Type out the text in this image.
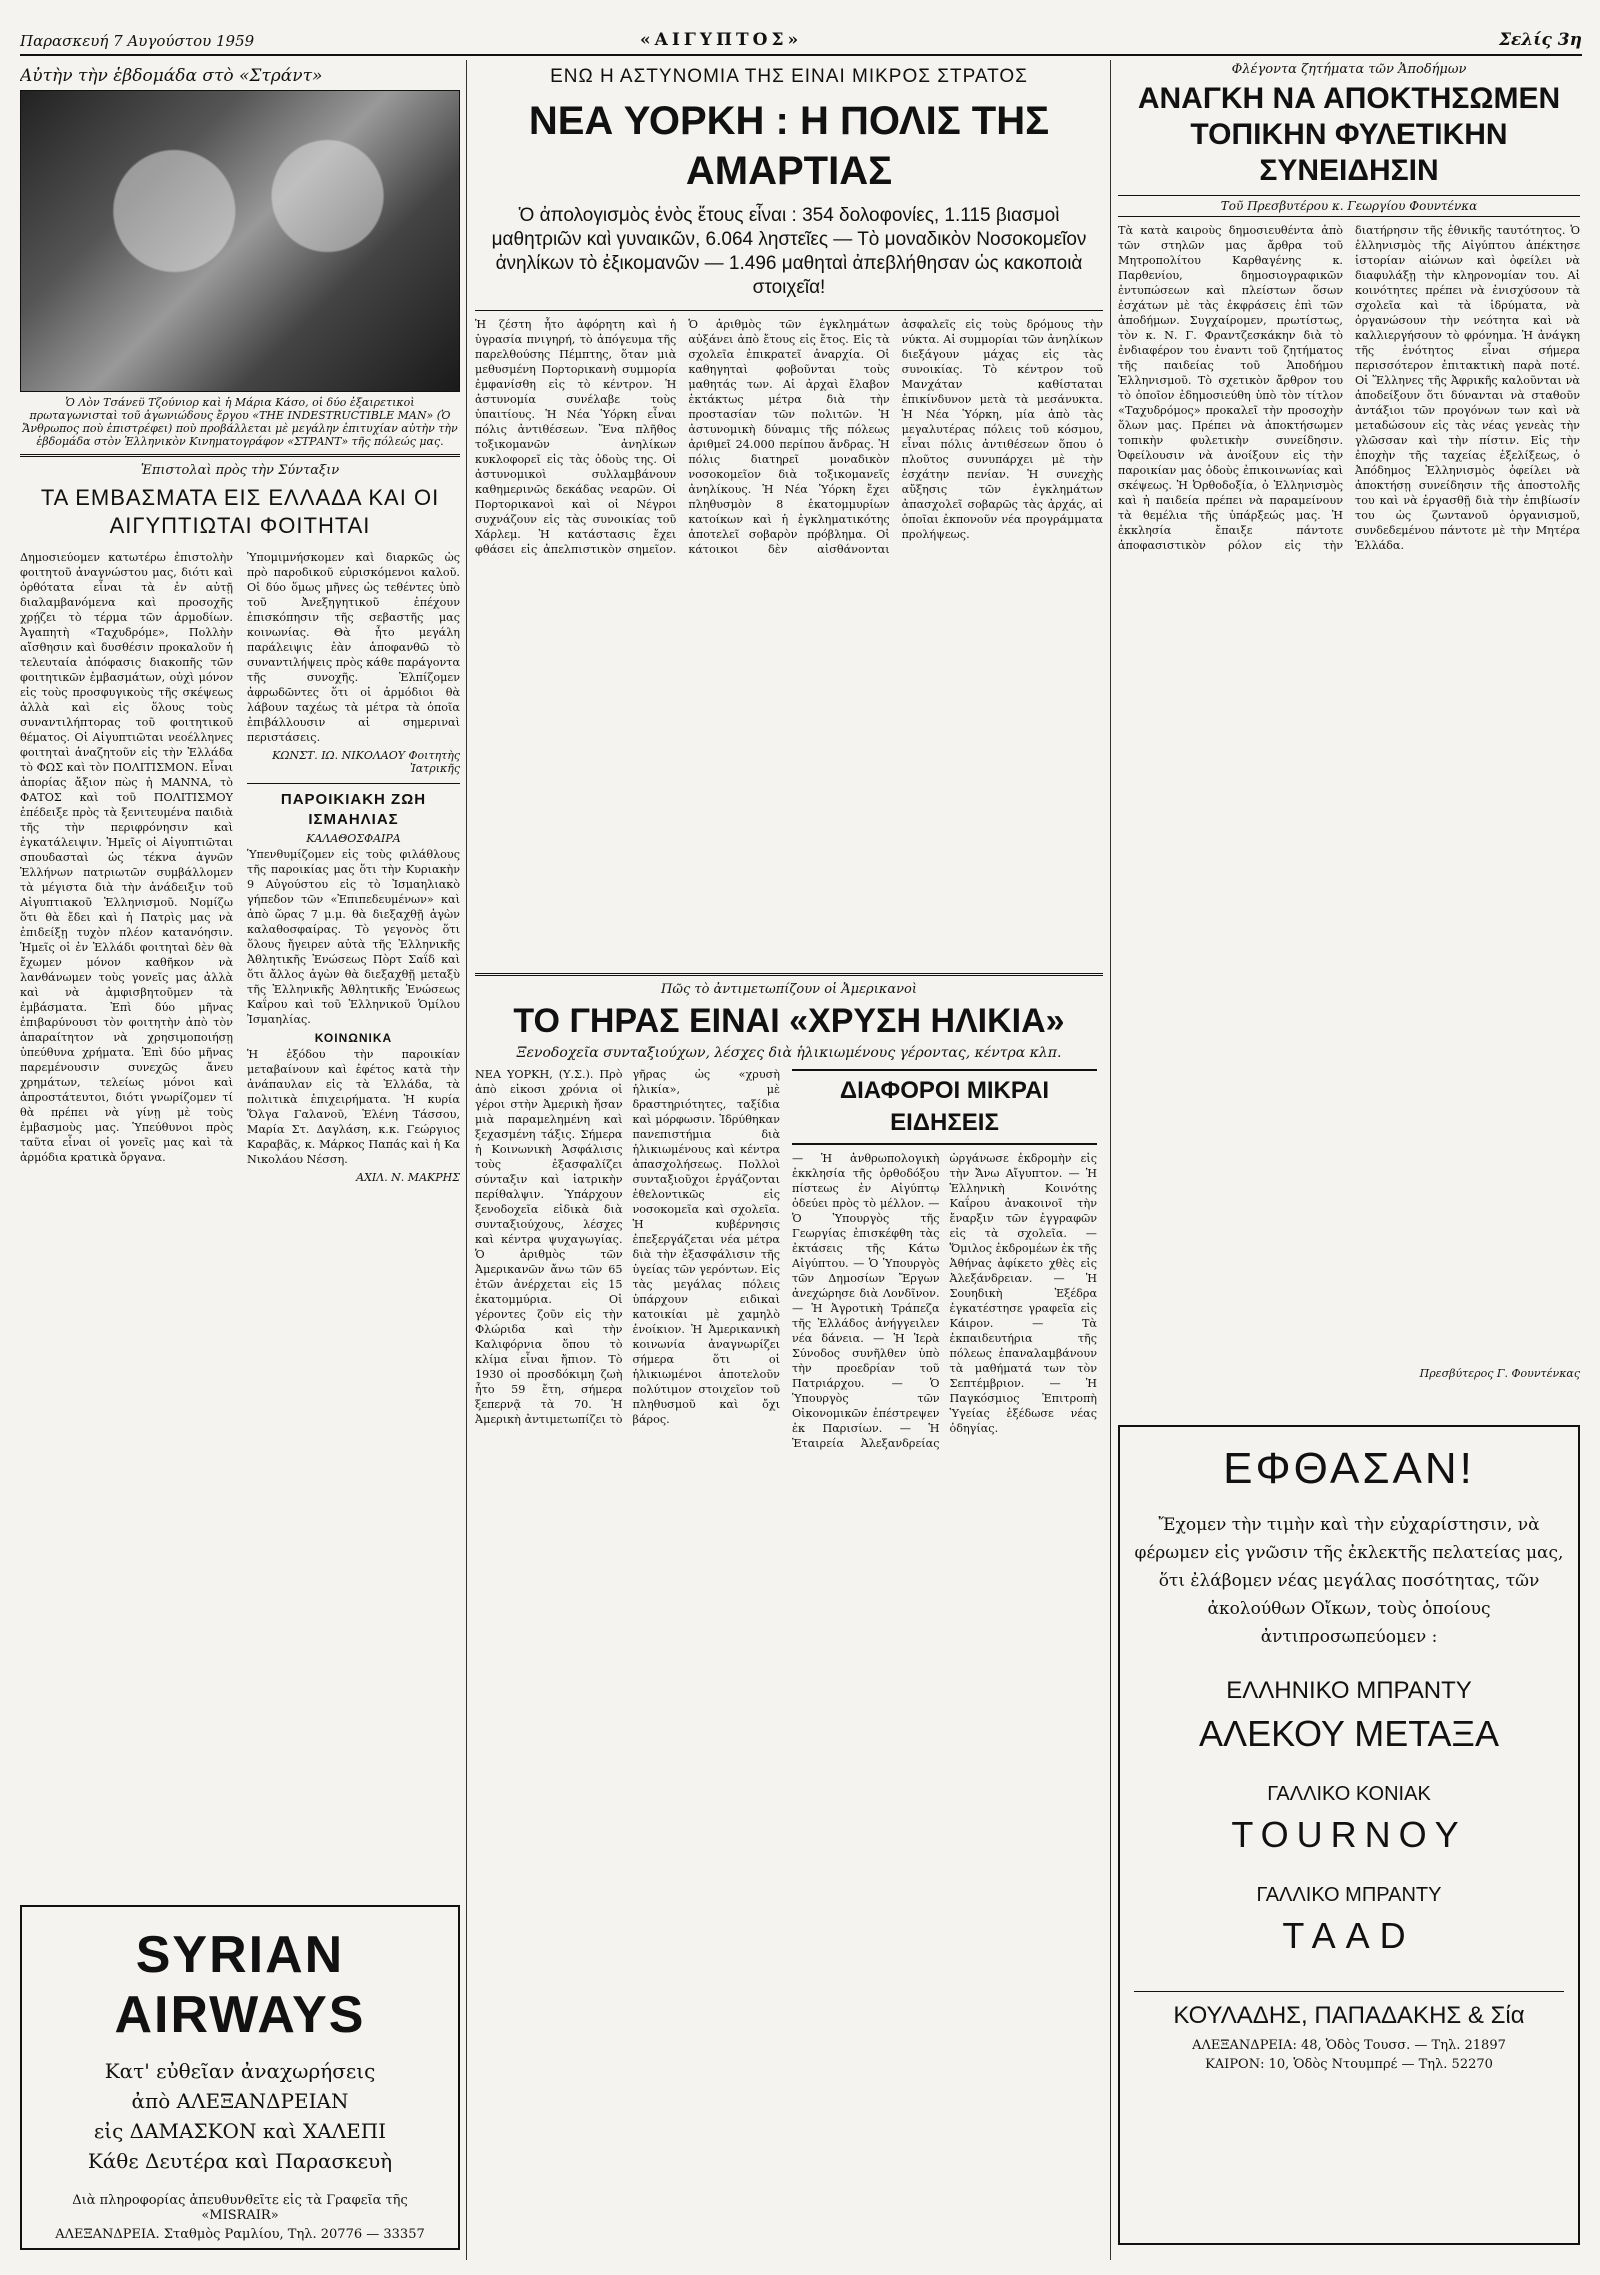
Παρασκευή 7 Αυγούστου 1959	«ΑΙΓΥΠΤΟΣ»	Σελίς 3η
Αὐτὴν τὴν ἑβδομάδα στὸ «Στράντ»
Ὁ Λὸν Τσάνεϋ Τζούνιορ καὶ ἡ Μάρια Κάσο, οἱ δύο ἐξαιρετικοὶ πρωταγωνισταὶ τοῦ ἀγωνιώδους ἔργου «ΤΗΕ INDESTRUCTIBLE MAN» (Ὁ Ἄνθρωπος ποὺ ἐπιστρέφει) ποὺ προβάλλεται μὲ μεγάλην ἐπιτυχίαν αὐτὴν τὴν ἑβδομάδα στὸν Ἑλληνικὸν Κινηματογράφον «ΣΤΡΑΝΤ» τῆς πόλεώς μας.
Ἐπιστολαὶ πρὸς τὴν Σύνταξιν
ΤΑ ΕΜΒΑΣΜΑΤΑ ΕΙΣ ΕΛΛΑΔΑ ΚΑΙ ΟΙ ΑΙΓΥΠΤΙΩΤΑΙ ΦΟΙΤΗΤΑΙ

Δημοσιεύομεν κατωτέρω ἐπιστολὴν φοιτητοῦ ἀναγνώστου μας, διότι καὶ ὀρθότατα εἶναι τὰ ἐν αὐτῇ διαλαμβανόμενα καὶ προσοχῆς χρῄζει τὸ τέρμα τῶν ἁρμοδίων. Ἀγαπητὴ «Ταχυδρόμε», Πολλὴν αἴσθησιν καὶ δυσθέσιν προκαλοῦν ἡ τελευταία ἀπόφασις διακοπῆς τῶν φοιτητικῶν ἐμβασμάτων, οὐχὶ μόνον εἰς τοὺς προσφυγικοὺς τῆς σκέψεως ἀλλὰ καὶ εἰς ὅλους τοὺς συναντιλήπτορας τοῦ φοιτητικοῦ θέματος. Οἱ Αἰγυπτιῶται νεοέλληνες φοιτηταὶ ἀναζητοῦν εἰς τὴν Ἑλλάδα τὸ ΦΩΣ καὶ τὸν ΠΟΛΙΤΙΣΜΟΝ. Εἶναι ἀπορίας ἄξιον πὼς ἡ ΜΑΝΝΑ, τὸ ΦΑΤΟΣ καὶ τοῦ ΠΟΛΙΤΙΣΜΟΥ ἐπέδειξε πρὸς τὰ ξενιτευμένα παιδιὰ τῆς τὴν περιφρόνησιν καὶ ἐγκατάλειψιν. Ἡμεῖς οἱ Αἰγυπτιῶται σπουδασταὶ ὡς τέκνα ἀγνῶν Ἑλλήνων πατριωτῶν συμβάλλομεν τὰ μέγιστα διὰ τὴν ἀνάδειξιν τοῦ Αἰγυπτιακοῦ Ἑλληνισμοῦ. Νομίζω ὅτι θὰ ἔδει καὶ ἡ Πατρὶς μας νὰ ἐπιδείξῃ τυχὸν πλέον κατανόησιν. Ἡμεῖς οἱ ἐν Ἑλλάδι φοιτηταὶ δὲν θὰ ἔχωμεν μόνον καθῆκον νὰ λανθάνωμεν τοὺς γονεῖς μας ἀλλὰ καὶ νὰ ἀμφισβητοῦμεν τὰ ἐμβάσματα. Ἐπὶ δύο μῆνας ἐπιβαρύνουσι τὸν φοιτητὴν ἀπὸ τὸν ἀπαραίτητον νὰ χρησιμοποιήσῃ ὑπεύθυνα χρήματα. Ἐπὶ δύο μῆνας παρεμένουσιν συνεχῶς ἄνευ χρημάτων, τελείως μόνοι καὶ ἀπροστάτευτοι, διότι γνωρίζομεν τί θὰ πρέπει νὰ γίνῃ μὲ τοὺς ἐμβασμοὺς μας. Ὑπεύθυνοι πρὸς ταῦτα εἶναι οἱ γονεῖς μας καὶ τὰ ἀρμόδια κρατικὰ ὄργανα.

Ὑπομιμνήσκομεν καὶ διαρκῶς ὡς πρὸ παροδικοῦ εὐρισκόμενοι καλοῦ. Οἱ δύο ὅμως μῆνες ὡς τεθέντες ὑπὸ τοῦ Ἀνεξηγητικοῦ ἐπέχουν ἐπισκόπησιν τῆς σεβαστῆς μας κοινωνίας. Θὰ ἦτο μεγάλη παράλειψις ἐὰν ἀποφανθῶ τὸ συναντιλήψεις πρὸς κάθε παράγοντα τῆς συνοχῆς. Ἐλπίζομεν ἀφρωδῶντες ὅτι οἱ ἀρμόδιοι θὰ λάβουν ταχέως τὰ μέτρα τὰ ὁποῖα ἐπιβάλλουσιν αἱ σημεριναὶ περιστάσεις.

ΚΩΝΣΤ. ΙΩ. ΝΙΚΟΛΑΟΥ Φοιτητὴς Ἰατρικῆς
ΠΑΡΟΙΚΙΑΚΗ ΖΩΗ ΙΣΜΑΗΛΙΑΣ
ΚΑΛΑΘΟΣΦΑΙΡΑ

Ὑπενθυμίζομεν εἰς τοὺς φιλάθλους τῆς παροικίας μας ὅτι τὴν Κυριακὴν 9 Αὐγούστου εἰς τὸ Ἰσμαηλιακὸ γήπεδον τῶν «Ἐπιπεδευμένων» καὶ ἀπὸ ὥρας 7 μ.μ. θὰ διεξαχθῇ ἀγὼν καλαθοσφαίρας. Τὸ γεγονὸς ὅτι ὅλους ἤγειρεν αὐτὰ τῆς Ἑλληνικῆς Ἀθλητικῆς Ἐνώσεως Πὸρτ Σαΐδ καὶ ὅτι ἄλλος ἀγὼν θὰ διεξαχθῇ μεταξὺ τῆς Ἑλληνικῆς Ἀθλητικῆς Ἐνώσεως Καΐρου καὶ τοῦ Ἑλληνικοῦ Ὁμίλου Ἰσμαηλίας.

ΚΟΙΝΩΝΙΚΑ

Ἡ ἐξόδου τὴν παροικίαν μεταβαίνουν καὶ ἐφέτος κατὰ τὴν ἀνάπαυλαν εἰς τὰ Ἑλλάδα, τὰ πολιτικὰ ἐπιχειρήματα. Ἡ κυρία Ὅλγα Γαλανοῦ, Ἑλένη Τάσσου, Μαρία Στ. Δαγλάση, κ.κ. Γεώργιος Καραβᾶς, κ. Μάρκος Παπάς καὶ ἡ Κα Νικολάου Νέσση.

ΑΧΙΛ. Ν. ΜΑΚΡΗΣ
SYRIAN AIRWAYS
Κατ' εὐθεῖαν ἀναχωρήσεις
ἀπὸ ΑΛΕΞΑΝΔΡΕΙΑΝ
εἰς ΔΑΜΑΣΚΟΝ καὶ ΧΑΛΕΠΙ
Κάθε Δευτέρα καὶ Παρασκευὴ
Διὰ πληροφορίας ἀπευθυνθεῖτε εἰς τὰ Γραφεῖα τῆς «MISRAIR»
ΑΛΕΞΑΝΔΡΕΙΑ. Σταθμὸς Ραμλίου, Τηλ. 20776 — 33357
ΕΝΩ Η ΑΣΤΥΝΟΜΙΑ ΤΗΣ ΕΙΝΑΙ ΜΙΚΡΟΣ ΣΤΡΑΤΟΣ
ΝΕΑ ΥΟΡΚΗ : Η ΠΟΛΙΣ ΤΗΣ ΑΜΑΡΤΙΑΣ
Ὁ ἀπολογισμὸς ἑνὸς ἔτους εἶναι : 354 δολοφονίες, 1.115 βιασμοὶ μαθητριῶν καὶ γυναικῶν, 6.064 ληστεῖες — Τὸ μοναδικὸν Νοσοκομεῖον ἀνηλίκων τὸ ἐξικομανῶν — 1.496 μαθηταὶ ἀπεβλήθησαν ὡς κακοποιὰ στοιχεῖα!

Ἡ ζέστη ἦτο ἀφόρητη καὶ ἡ ὑγρασία πνιγηρή, τὸ ἀπόγευμα τῆς παρελθούσης Πέμπτης, ὅταν μιὰ μεθυσμένη Πορτορικανὴ συμμορία ἐμφανίσθη εἰς τὸ κέντρον. Ἡ ἀστυνομία συνέλαβε τοὺς ὑπαιτίους. Ἡ Νέα Ὑόρκη εἶναι πόλις ἀντιθέσεων. Ἕνα πλῆθος τοξικομανῶν ἀνηλίκων κυκλοφορεῖ εἰς τὰς ὁδοὺς της. Οἱ ἀστυνομικοὶ συλλαμβάνουν καθημερινῶς δεκάδας νεαρῶν. Οἱ Πορτορικανοὶ καὶ οἱ Νέγροι συχνάζουν εἰς τὰς συνοικίας τοῦ Χάρλεμ. Ἡ κατάστασις ἔχει φθάσει εἰς ἀπελπιστικὸν σημεῖον. Ὁ ἀριθμὸς τῶν ἐγκλημάτων αὐξάνει ἀπὸ ἔτους εἰς ἔτος. Εἰς τὰ σχολεῖα ἐπικρατεῖ ἀναρχία. Οἱ καθηγηταὶ φοβοῦνται τοὺς μαθητάς των. Αἱ ἀρχαὶ ἔλαβον ἐκτάκτως μέτρα διὰ τὴν προστασίαν τῶν πολιτῶν. Ἡ ἀστυνομικὴ δύναμις τῆς πόλεως ἀριθμεῖ 24.000 περίπου ἄνδρας. Ἡ πόλις διατηρεῖ μοναδικὸν νοσοκομεῖον διὰ τοξικομανεῖς ἀνηλίκους. Ἡ Νέα Ὑόρκη ἔχει πληθυσμὸν 8 ἑκατομμυρίων κατοίκων καὶ ἡ ἐγκληματικότης ἀποτελεῖ σοβαρὸν πρόβλημα. Οἱ κάτοικοι δὲν αἰσθάνονται ἀσφαλεῖς εἰς τοὺς δρόμους τὴν νύκτα. Αἱ συμμορίαι τῶν ἀνηλίκων διεξάγουν μάχας εἰς τὰς συνοικίας. Τὸ κέντρον τοῦ Μανχάταν καθίσταται ἐπικίνδυνον μετὰ τὰ μεσάνυκτα. Ἡ Νέα Ὑόρκη, μία ἀπὸ τὰς μεγαλυτέρας πόλεις τοῦ κόσμου, εἶναι πόλις ἀντιθέσεων ὅπου ὁ πλοῦτος συνυπάρχει μὲ τὴν ἐσχάτην πενίαν. Ἡ συνεχὴς αὔξησις τῶν ἐγκλημάτων ἀπασχολεῖ σοβαρῶς τὰς ἀρχάς, αἱ ὁποῖαι ἐκπονοῦν νέα προγράμματα προλήψεως.

Πῶς τὸ ἀντιμετωπίζουν οἱ Ἀμερικανοὶ
ΤΟ ΓΗΡΑΣ ΕΙΝΑΙ «ΧΡΥΣΗ ΗΛΙΚΙΑ»
Ξενοδοχεῖα συνταξιούχων, λέσχες διὰ ἡλικιωμένους γέροντας, κέντρα κλπ.

ΝΕΑ ΥΟΡΚΗ, (Υ.Σ.). Πρὸ ἀπὸ εἰκοσι χρόνια οἱ γέροι στὴν Ἀμερικὴ ἤσαν μιὰ παραμελημένη καὶ ξεχασμένη τάξις. Σήμερα ἡ Κοινωνικὴ Ἀσφάλισις τοὺς ἐξασφαλίζει σύνταξιν καὶ ἰατρικὴν περίθαλψιν. Ὑπάρχουν ξενοδοχεῖα εἰδικὰ διὰ συνταξιούχους, λέσχες καὶ κέντρα ψυχαγωγίας. Ὁ ἀριθμὸς τῶν Ἀμερικανῶν ἄνω τῶν 65 ἐτῶν ἀνέρχεται εἰς 15 ἑκατομμύρια. Οἱ γέροντες ζοῦν εἰς τὴν Φλώριδα καὶ τὴν Καλιφόρνια ὅπου τὸ κλίμα εἶναι ἤπιον. Τὸ 1930 οἱ προσδόκιμη ζωὴ ἦτο 59 ἔτη, σήμερα ξεπερνᾷ τὰ 70. Ἡ Ἀμερικὴ ἀντιμετωπίζει τὸ γῆρας ὡς «χρυσὴ ἡλικία», μὲ δραστηριότητες, ταξίδια καὶ μόρφωσιν. Ἱδρύθηκαν πανεπιστήμια διὰ ἡλικιωμένους καὶ κέντρα ἀπασχολήσεως. Πολλοὶ συνταξιοῦχοι ἐργάζονται ἐθελοντικῶς εἰς νοσοκομεῖα καὶ σχολεῖα. Ἡ κυβέρνησις ἐπεξεργάζεται νέα μέτρα διὰ τὴν ἐξασφάλισιν τῆς ὑγείας τῶν γερόντων. Εἰς τὰς μεγάλας πόλεις ὑπάρχουν ειδικαὶ κατοικίαι μὲ χαμηλὸ ἐνοίκιον. Ἡ Ἀμερικανικὴ κοινωνία ἀναγνωρίζει σήμερα ὅτι οἱ ἡλικιωμένοι ἀποτελοῦν πολύτιμον στοιχεῖον τοῦ πληθυσμοῦ καὶ ὄχι βάρος.

ΔΙΑΦΟΡΟΙ ΜΙΚΡΑΙ ΕΙΔΗΣΕΙΣ

— Ἡ ἀνθρωπολογικὴ ἐκκλησία τῆς ὀρθοδόξου πίστεως ἐν Αἰγύπτῳ ὁδεύει πρὸς τὸ μέλλον. — Ὁ Ὑπουργὸς τῆς Γεωργίας ἐπισκέφθη τὰς ἐκτάσεις τῆς Κάτω Αἰγύπτου. — Ὁ Ὑπουργὸς τῶν Δημοσίων Ἔργων ἀνεχώρησε διὰ Λονδῖνον. — Ἡ Ἀγροτικὴ Τράπεζα τῆς Ἑλλάδος ἀνήγγειλεν νέα δάνεια. — Ἡ Ἱερὰ Σύνοδος συνῆλθεν ὑπὸ τὴν προεδρίαν τοῦ Πατριάρχου. — Ὁ Ὑπουργὸς τῶν Οἰκονομικῶν ἐπέστρεψεν ἐκ Παρισίων. — Ἡ Ἐταιρεία Ἀλεξανδρείας ὠργάνωσε ἐκδρομὴν εἰς τὴν Ἄνω Αἴγυπτον. — Ἡ Ἑλληνικὴ Κοινότης Καΐρου ἀνακοινοῖ τὴν ἔναρξιν τῶν ἐγγραφῶν εἰς τὰ σχολεῖα. — Ὅμιλος ἐκδρομέων ἐκ τῆς Ἀθήνας ἀφίκετο χθὲς εἰς Ἀλεξάνδρειαν. — Ἡ Σουηδικὴ Ἐξέδρα ἐγκατέστησε γραφεῖα εἰς Κάιρον. — Τὰ ἐκπαιδευτήρια τῆς πόλεως ἐπαναλαμβάνουν τὰ μαθήματά των τὸν Σεπτέμβριον. — Ἡ Παγκόσμιος Ἐπιτροπὴ Ὑγείας ἐξέδωσε νέας ὁδηγίας.

Φλέγοντα ζητήματα τῶν Ἀποδήμων
ΑΝΑΓΚΗ ΝΑ ΑΠΟΚΤΗΣΩΜΕΝ ΤΟΠΙΚΗΝ ΦΥΛΕΤΙΚΗΝ ΣΥΝΕΙΔΗΣΙΝ
Τοῦ Πρεσβυτέρου κ. Γεωργίου Φουντένκα

Τὰ κατὰ καιροὺς δημοσιευθέντα ἀπὸ τῶν στηλῶν μας ἄρθρα τοῦ Μητροπολίτου Καρθαγένης κ. Παρθενίου, δημοσιογραφικῶν ἐντυπώσεων καὶ πλείστων ὅσων ἐσχάτων μὲ τὰς ἐκφράσεις ἐπὶ τῶν ἀποδήμων. Συγχαίρομεν, πρωτίστως, τὸν κ. Ν. Γ. Φραντζεσκάκην διὰ τὸ ἐνδιαφέρον του ἐναντι τοῦ ζητήματος τῆς παιδείας τοῦ Ἀποδήμου Ἑλληνισμοῦ. Τὸ σχετικὸν ἄρθρον του τὸ ὁποῖον ἐδημοσιεύθη ὑπὸ τὸν τίτλον «Ταχυδρόμος» προκαλεῖ τὴν προσοχὴν ὅλων μας. Πρέπει νὰ ἀποκτήσωμεν τοπικὴν φυλετικὴν συνείδησιν. Ὀφείλουσιν νὰ ἀνοίξουν εἰς τὴν παροικίαν μας ὁδοὺς ἐπικοινωνίας καὶ σκέψεως. Ἡ Ὀρθοδοξία, ὁ Ἑλληνισμὸς καὶ ἡ παιδεία πρέπει νὰ παραμείνουν τὰ θεμέλια τῆς ὑπάρξεώς μας. Ἡ ἐκκλησία ἔπαιξε πάντοτε ἀποφασιστικὸν ρόλον εἰς τὴν διατήρησιν τῆς ἐθνικῆς ταυτότητος. Ὁ ἑλληνισμὸς τῆς Αἰγύπτου ἀπέκτησε ἱστορίαν αἰώνων καὶ ὀφείλει νὰ διαφυλάξῃ τὴν κληρονομίαν του. Αἱ κοινότητες πρέπει νὰ ἐνισχύσουν τὰ σχολεῖα καὶ τὰ ἱδρύματα, νὰ ὀργανώσουν τὴν νεότητα καὶ νὰ καλλιεργήσουν τὸ φρόνημα. Ἡ ἀνάγκη τῆς ἑνότητος εἶναι σήμερα περισσότερον ἐπιτακτικὴ παρὰ ποτέ. Οἱ Ἕλληνες τῆς Ἀφρικῆς καλοῦνται νὰ ἀποδείξουν ὅτι δύνανται νὰ σταθοῦν ἀντάξιοι τῶν προγόνων των καὶ νὰ μεταδώσουν εἰς τὰς νέας γενεὰς τὴν γλῶσσαν καὶ τὴν πίστιν. Εἰς τὴν ἐποχὴν τῆς ταχείας ἐξελίξεως, ὁ Ἀπόδημος Ἑλληνισμὸς ὀφείλει νὰ ἀποκτήσῃ συνείδησιν τῆς ἀποστολῆς του καὶ νὰ ἐργασθῇ διὰ τὴν ἐπιβίωσίν του ὡς ζωντανοῦ ὀργανισμοῦ, συνδεδεμένου πάντοτε μὲ τὴν Μητέρα Ἑλλάδα.

Πρεσβύτερος Γ. Φουντένκας
ΕΦΘΑΣΑΝ!
Ἔχομεν τὴν τιμὴν καὶ τὴν εὐχαρίστησιν, νὰ φέρωμεν εἰς γνῶσιν τῆς ἐκλεκτῆς πελατείας μας, ὅτι ἐλάβομεν νέας μεγάλας ποσότητας, τῶν ἀκολούθων Οἴκων, τοὺς ὁποίους ἀντιπροσωπεύομεν :
ΕΛΛΗΝΙΚΟ ΜΠΡΑΝΤΥ
ΑΛΕΚΟΥ ΜΕΤΑΞΑ
ΓΑΛΛΙΚΟ ΚΟΝΙΑΚ
TOURNOY
ΓΑΛΛΙΚΟ ΜΠΡΑΝΤΥ
TAAD
ΚΟΥΛΑΔΗΣ, ΠΑΠΑΔΑΚΗΣ & Σία
ΑΛΕΞΑΝΔΡΕΙΑ: 48, Ὁδὸς Τουσσ. — Τηλ. 21897
ΚΑΙΡΟΝ: 10, Ὁδὸς Ντουμπρέ — Τηλ. 52270
